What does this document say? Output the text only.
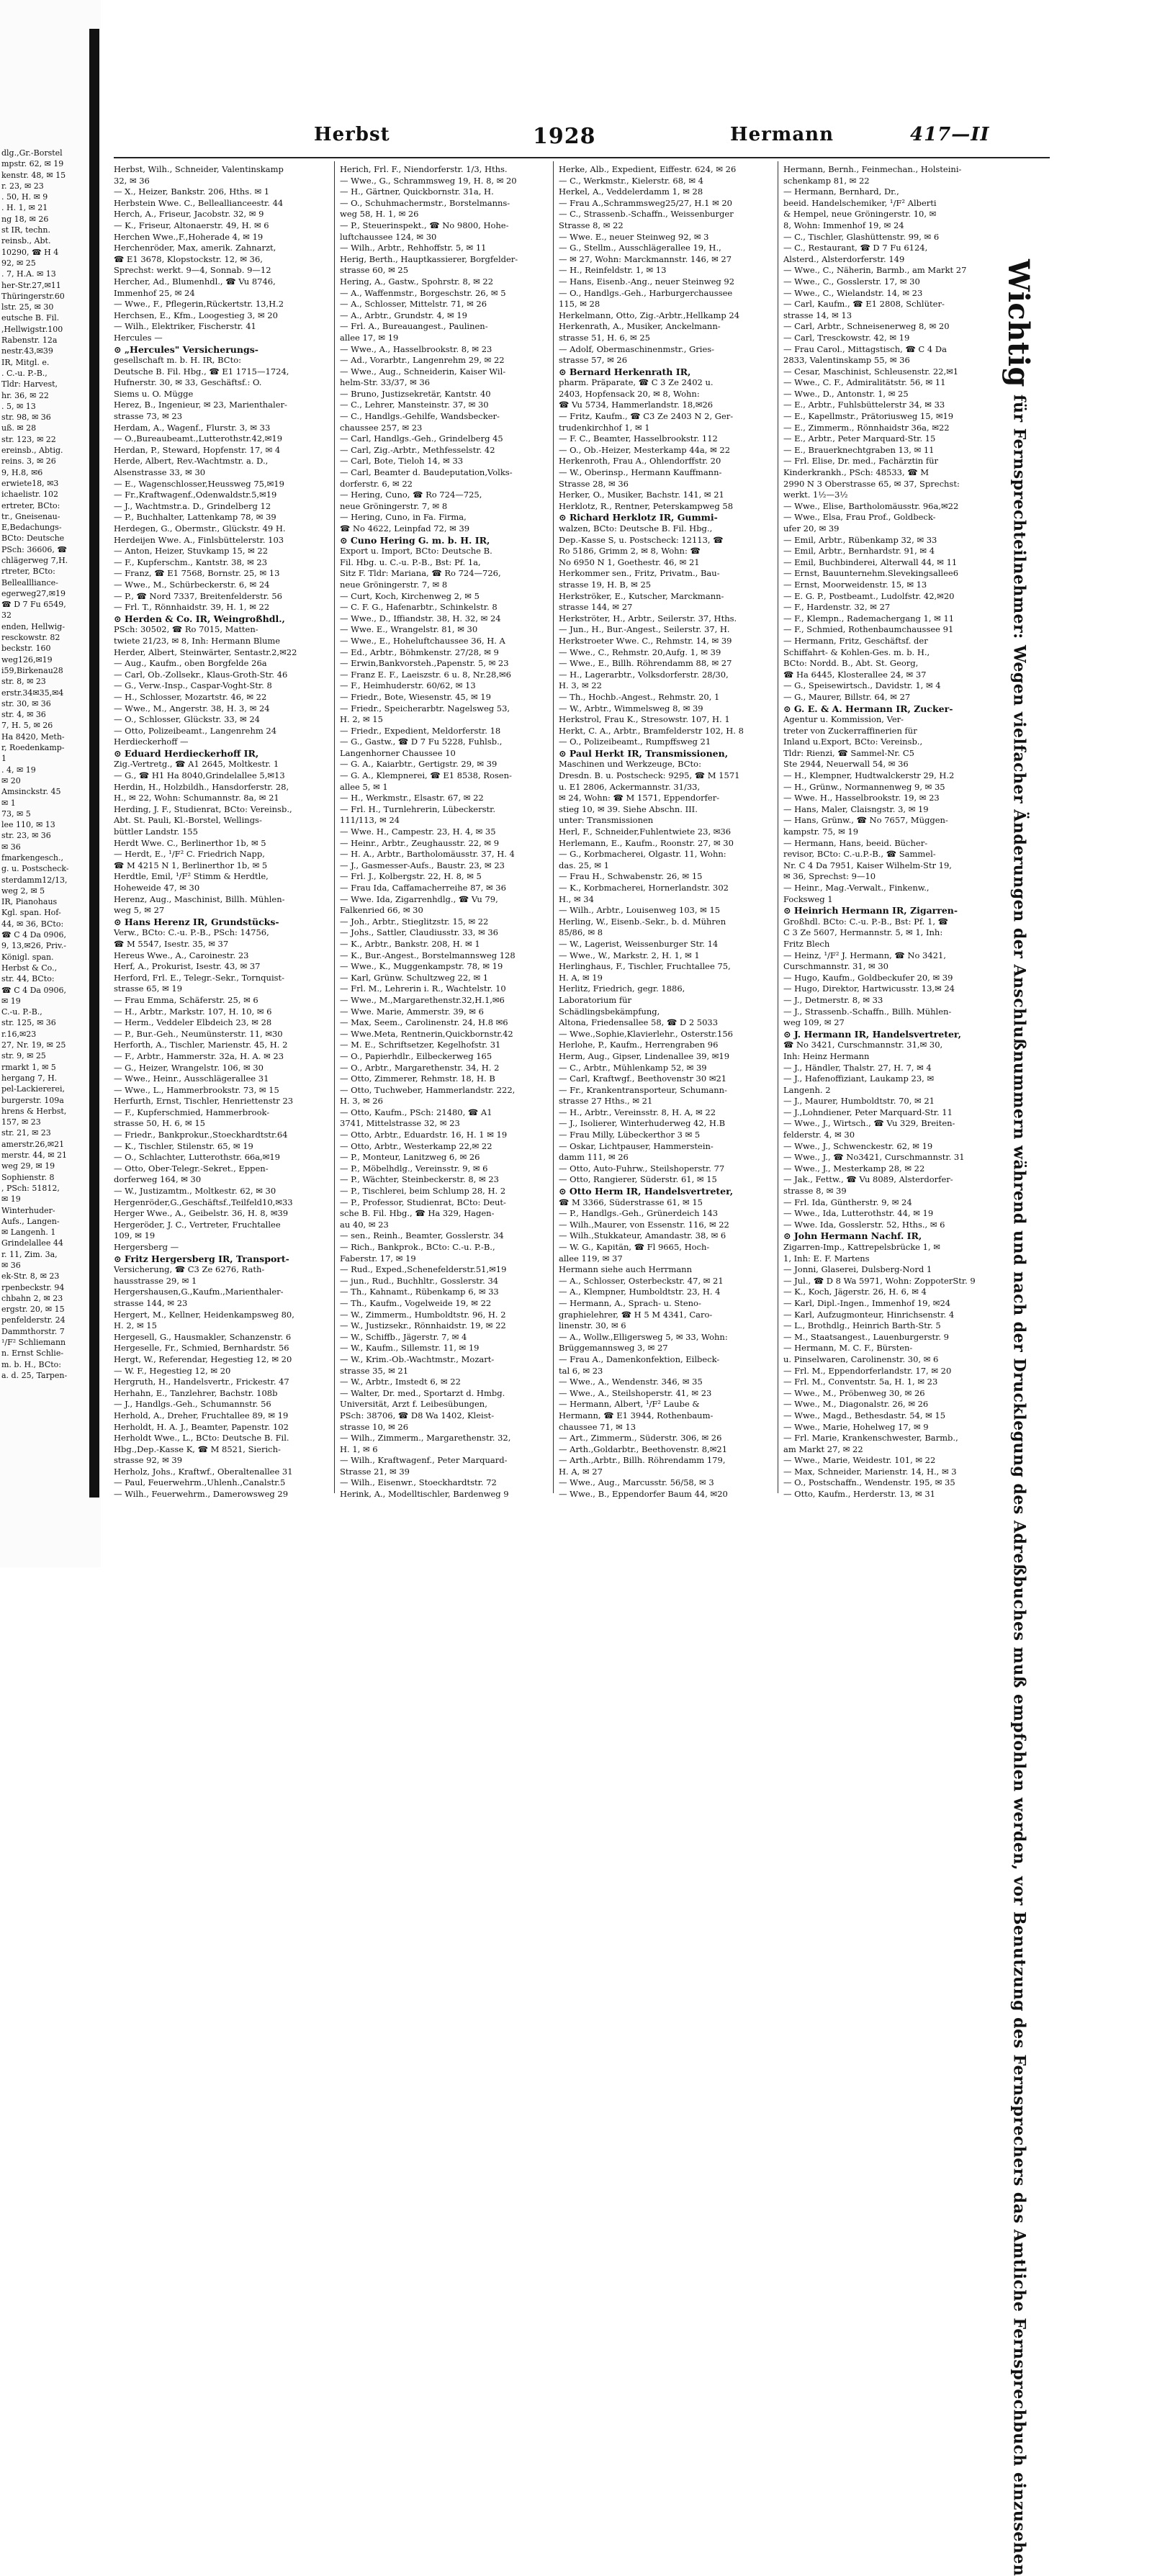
dlg.,Gr.-Borstel
mpstr. 62, ✉ 19
kenstr. 48, ✉ 15
r. 23, ✉ 23
. 50, H. ✉ 9
. H. 1, ✉ 21
ng 18, ✉ 26
st IR, techn.
reinsb., Abt.
10290, ☎ H 4
92, ✉ 25
. 7, H.A. ✉ 13
her-Str.27,✉11
Thüringerstr.60
lstr. 25, ✉ 30
eutsche B. Fil.
,Hellwigstr.100
Rabenstr. 12a
nestr.43,✉39
IR, Mitgl. e.
. C.-u. P.-B.,
Tldr: Harvest,
hr. 36, ✉ 22
. 5, ✉ 13
str. 98, ✉ 36
uß. ✉ 28
str. 123, ✉ 22
ereinsb., Abtig.
reins. 3, ✉ 26
9, H.8, ✉6
erwiete18, ✉3
ichaelistr. 102
ertreter, BCto:
tr., Gneisenau-
E,Bedachungs-
BCto: Deutsche
PSch: 36606, ☎
chlägerweg 7,H.
rtreter, BCto:
Belleallliance-
egerweg27,✉19
☎ D 7 Fu 6549,
32
enden, Hellwig-
resckowstr. 82
beckstr. 160
weg126,✉19
i59,Birkenau28
str. 8, ✉ 23
erstr.34✉35,✉4
str. 30, ✉ 36
str. 4, ✉ 36
7, H. 5, ✉ 26
Ha 8420, Meth-
r, Roedenkamp-
1
. 4, ✉ 19
✉ 20
Amsinckstr. 45
✉ 1
73, ✉ 5
lee 110, ✉ 13
str. 23, ✉ 36
✉ 36
fmarkengesch.,
g. u. Postscheck-
sterdamm12/13,
weg 2, ✉ 5
IR, Pianohaus
Kgl. span. Hof-
44, ✉ 36, BCto:
☎ C 4 Da 0906,
9, 13,✉26, Priv.-
Königl. span.
Herbst & Co.,
str. 44, BCto:
☎ C 4 Da 0906,
✉ 19
C.-u. P.-B.,
str. 125, ✉ 36
r.16,✉23
27, Nr. 19, ✉ 25
str. 9, ✉ 25
rmarkt 1, ✉ 5
hergang 7, H.
pel-Lackiererei,
burgerstr. 109a
hrens & Herbst,
157, ✉ 23
str. 21, ✉ 23
amerstr.26,✉21
merstr. 44, ✉ 21
weg 29, ✉ 19
Sophienstr. 8
, PSch: 51812,
✉ 19
Winterhuder-
Aufs., Langen-
✉ Langenh. 1
Grindelallee 44
r. 11, Zim. 3a,
✉ 36
ek-Str. 8, ✉ 23
rpenbeckstr. 94
chbahn 2, ✉ 23
ergstr. 20, ✉ 15
penfelderstr. 24
Dammthorstr. 7
¹/F² Schliemann
n. Ernst Schlie-
m. b. H., BCto:
a. d. 25, Tarpen-
Herbst	1928	Hermann	417—II
Herbst, Wilh., Schneider, Valentinskamp
32, ✉ 36
— X., Heizer, Bankstr. 206, Hths. ✉ 1
Herbstein Wwe. C., Belleallianceestr. 44
Herch, A., Friseur, Jacobstr. 32, ✉ 9
— K., Friseur, Altonaerstr. 49, H. ✉ 6
Herchen Wwe.,F.,Hoherade 4, ✉ 19
Herchenröder, Max, amerik. Zahnarzt,
☎ E1 3678, Klopstockstr. 12, ✉ 36,
Sprechst: werkt. 9—4, Sonnab. 9—12
Hercher, Ad., Blumenhdl., ☎ Vu 8746,
Immenhof 25, ✉ 24
— Wwe., F., Pflegerin,Rückertstr. 13,H.2
Herchsen, E., Kfm., Loogestieg 3, ✉ 20
— Wilh., Elektriker, Fischerstr. 41
Hercules —
⊙ „Hercules" Versicherungs-
gesellschaft m. b. H. IR, BCto:
Deutsche B. Fil. Hbg., ☎ E1 1715—1724,
Hufnerstr. 30, ✉ 33, Geschäftsf.: O.
Siems u. O. Mügge
Herez, B., Ingenieur, ✉ 23, Marienthaler-
strasse 73, ✉ 23
Herdam, A., Wagenf., Flurstr. 3, ✉ 33
— O.,Bureaubeamt.,Lutterothstr.42,✉19
Herdan, P., Steward, Hopfenstr. 17, ✉ 4
Herde, Albert, Rev.-Wachtmstr. a. D.,
Alsenstrasse 33, ✉ 30
— E., Wagenschlosser,Heussweg 75,✉19
— Fr.,Kraftwagenf.,Odenwaldstr.5,✉19
— J., Wachtmstr.a. D., Grindelberg 12
— P., Buchhalter, Lattenkamp 78, ✉ 39
Herdegen, G., Obermstr., Glückstr. 49 H.
Herdeijen Wwe. A., Finlsbüttelerstr. 103
— Anton, Heizer, Stuvkamp 15, ✉ 22
— F., Kupferschm., Kantstr. 38, ✉ 23
— Franz, ☎ E1 7568, Bornstr. 25, ✉ 13
— Wwe., M., Schürbeckerstr. 6, ✉ 24
— P., ☎ Nord 7337, Breitenfelderstr. 56
— Frl. T., Rönnhaidstr. 39, H. 1, ✉ 22
⊙ Herden & Co. IR, Weingroßhdl.,
PSch: 30502, ☎ Ro 7015, Matten-
twiete 21/23, ✉ 8, Inh: Hermann Blume
Herder, Albert, Steinwärter, Sentastr.2,✉22
— Aug., Kaufm., oben Borgfelde 26a
— Carl, Ob.-Zollsekr., Klaus-Groth-Str. 46
— G., Verw.-Insp., Caspar-Voght-Str. 8
— H., Schlosser, Mozartstr. 46, ✉ 22
— Wwe., M., Angerstr. 38, H. 3, ✉ 24
— O., Schlosser, Glückstr. 33, ✉ 24
— Otto, Polizeibeamt., Langenrehm 24
Herdieckerhoff —
⊙ Eduard Herdieckerhoff IR,
Zig.-Vertretg., ☎ A1 2645, Moltkestr. 1
— G., ☎ H1 Ha 8040,Grindelallee 5,✉13
Herdin, H., Holzbildh., Hansdorferstr. 28,
H., ✉ 22, Wohn: Schumannstr. 8a, ✉ 21
Herding, J. F., Studienrat, BCto: Vereinsb.,
Abt. St. Pauli, Kl.-Borstel, Wellings-
büttler Landstr. 155
Herdt Wwe. C., Berlinerthor 1b, ✉ 5
— Herdt, E., ¹/F² C. Friedrich Napp,
☎ M 4215 N 1, Berlinerthor 1b, ✉ 5
Herdtle, Emil, ¹/F² Stimm & Herdtle,
Hoheweide 47, ✉ 30
Herenz, Aug., Maschinist, Billh. Mühlen-
weg 5, ✉ 27
⊙ Hans Herenz IR, Grundstücks-
Verw., BCto: C.-u. P.-B., PSch: 14756,
☎ M 5547, Isestr. 35, ✉ 37
Hereus Wwe., A., Caroinestr. 23
Herf, A., Prokurist, Isestr. 43, ✉ 37
Herford, Frl. E., Telegr.-Sekr., Tornquist-
strasse 65, ✉ 19
— Frau Emma, Schäferstr. 25, ✉ 6
— H., Arbtr., Markstr. 107, H. 10, ✉ 6
— Herm., Veddeler Elbdeich 23, ✉ 28
— P., Bur.-Geh., Neumünsterstr. 11, ✉30
Herforth, A., Tischler, Marienstr. 45, H. 2
— F., Arbtr., Hammerstr. 32a, H. A. ✉ 23
— G., Heizer, Wrangelstr. 106, ✉ 30
— Wwe., Heinr., Ausschlägerallee 31
— Wwe., L., Hammerbrookstr. 73, ✉ 15
Herfurth, Ernst, Tischler, Henriettenstr 23
— F., Kupferschmied, Hammerbrook-
strasse 50, H. 6, ✉ 15
— Friedr., Bankprokur.,Stoeckhardtstr.64
— K., Tischler, Stilenstr. 65, ✉ 19
— O., Schlachter, Lutterothstr. 66a,✉19
— Otto, Ober-Telegr.-Sekret., Eppen-
dorferweg 164, ✉ 30
— W., Justizamtm., Moltkestr. 62, ✉ 30
Hergenröder,G.,Geschäftsf.,Teilfeld10,✉33
Herger Wwe., A., Geibelstr. 36, H. 8, ✉39
Hergeröder, J. C., Vertreter, Fruchtallee
109, ✉ 19
Hergersberg —
⊙ Fritz Hergersberg IR, Transport-
Versicherung, ☎ C3 Ze 6276, Rath-
hausstrasse 29, ✉ 1
Hergershausen,G.,Kaufm.,Marienthaler-
strasse 144, ✉ 23
Hergert, M., Kellner, Heidenkampsweg 80,
H. 2, ✉ 15
Hergesell, G., Hausmakler, Schanzenstr. 6
Hergeselle, Fr., Schmied, Bernhardstr. 56
Hergt, W., Referendar, Hegestieg 12, ✉ 20
— W. F., Hegestieg 12, ✉ 20
Hergruth, H., Handelsvertr., Frickestr. 47
Herhahn, E., Tanzlehrer, Bachstr. 108b
— J., Handlgs.-Geh., Schumannstr. 56
Herhold, A., Dreher, Fruchtallee 89, ✉ 19
Herholdt, H. A. J., Beamter, Papenstr. 102
Herholdt Wwe., L., BCto: Deutsche B. Fil.
Hbg.,Dep.-Kasse K, ☎ M 8521, Sierich-
strasse 92, ✉ 39
Herholz, Johs., Kraftwf., Oberaltenallee 31
— Paul, Feuerwehrm.,Uhlenh.,Canalstr.5
— Wilh., Feuerwehrm., Damerowsweg 29
Herich, Frl. F., Niendorferstr. 1/3, Hths.
— Wwe., G., Schrammsweg 19, H. 8, ✉ 20
— H., Gärtner, Quickbornstr. 31a, H.
— O., Schuhmachermstr., Borstelmanns-
weg 58, H. 1, ✉ 26
— P., Steuerinspekt., ☎ No 9800, Hohe-
luftchaussee 124, ✉ 30
— Wilh., Arbtr., Rehhoffstr. 5, ✉ 11
Herig, Berth., Hauptkassierer, Borgfelder-
strasse 60, ✉ 25
Hering, A., Gastw., Spohrstr. 8, ✉ 22
— A., Waffenmstr., Borgeschstr. 26, ✉ 5
— A., Schlosser, Mittelstr. 71, ✉ 26
— A., Arbtr., Grundstr. 4, ✉ 19
— Frl. A., Bureauangest., Paulinen-
allee 17, ✉ 19
— Wwe., A., Hasselbrookstr. 8, ✉ 23
— Ad., Vorarbtr., Langenrehm 29, ✉ 22
— Wwe., Aug., Schneiderin, Kaiser Wil-
helm-Str. 33/37, ✉ 36
— Bruno, Justizsekretär, Kantstr. 40
— C., Lehrer, Mansteinstr. 37, ✉ 30
— C., Handlgs.-Gehilfe, Wandsbecker-
chaussee 257, ✉ 23
— Carl, Handlgs.-Geh., Grindelberg 45
— Carl, Zig.-Arbtr., Methfesselstr. 42
— Carl, Bote, Tieloh 14, ✉ 33
— Carl, Beamter d. Baudeputation,Volks-
dorferstr. 6, ✉ 22
— Hering, Cuno, ☎ Ro 724—725,
neue Gröningerstr. 7, ✉ 8
— Hering, Cuno, in Fa. Firma,
☎ No 4622, Leinpfad 72, ✉ 39
⊙ Cuno Hering G. m. b. H. IR,
Export u. Import, BCto: Deutsche B.
Fil. Hbg. u. C.-u. P.-B., Bst: Pf. 1a,
Sitz F. Tldr: Mariana, ☎ Ro 724—726,
neue Gröningerstr. 7, ✉ 8
— Curt, Koch, Kirchenweg 2, ✉ 5
— C. F. G., Hafenarbtr., Schinkelstr. 8
— Wwe., D., Iffiandstr. 38, H. 32, ✉ 24
— Wwe. E., Wrangelstr. 81, ✉ 30
— Wwe., E., Hoheluftchaussee 36, H. A
— Ed., Arbtr., Böhmkenstr. 27/28, ✉ 9
— Erwin,Bankvorsteh.,Papenstr. 5, ✉ 23
— Franz E. F., Laeiszstr. 6 u. 8, Nr.28,✉6
— F., Heimhuderstr. 60/62, ✉ 13
— Friedr., Bote, Wiesenstr. 45, ✉ 19
— Friedr., Speicherarbtr. Nagelsweg 53,
H. 2, ✉ 15
— Friedr., Expedient, Meldorferstr. 18
— G., Gastw., ☎ D 7 Fu 5228, Fuhlsb.,
Langenhorner Chaussee 10
— G. A., Kaiarbtr., Gertigstr. 29, ✉ 39
— G. A., Klempnerei, ☎ E1 8538, Rosen-
allee 5, ✉ 1
— H., Werkmstr., Elsastr. 67, ✉ 22
— Frl. H., Turnlehrerin, Lübeckerstr.
111/113, ✉ 24
— Wwe. H., Campestr. 23, H. 4, ✉ 35
— Heinr., Arbtr., Zeughausstr. 22, ✉ 9
— H. A., Arbtr., Bartholomäusstr. 37, H. 4
— J., Gasmesser-Aufs., Baustr. 23, ✉ 23
— Frl. J., Kolbergstr. 22, H. 8, ✉ 5
— Frau Ida, Caffamacherreihe 87, ✉ 36
— Wwe. Ida, Zigarrenhdlg., ☎ Vu 79,
Falkenried 66, ✉ 30
— Joh., Arbtr., Stieglitzstr. 15, ✉ 22
— Johs., Sattler, Claudiusstr. 33, ✉ 36
— K., Arbtr., Bankstr. 208, H. ✉ 1
— K., Bur.-Angest., Borstelmannsweg 128
— Wwe., K., Muggenkampstr. 78, ✉ 19
— Karl, Grünw. Schultzweg 22, ✉ 1
— Frl. M., Lehrerin i. R., Wachtelstr. 10
— Wwe., M.,Margarethenstr.32,H.1,✉6
— Wwe. Marie, Ammerstr. 39, ✉ 6
— Max, Seem., Carolinenstr. 24, H.8 ✉6
— Wwe.Meta, Rentnerin,Quickbornstr.42
— M. E., Schriftsetzer, Kegelhofstr. 31
— O., Papierhdlr., Eilbeckerweg 165
— O., Arbtr., Margarethenstr. 34, H. 2
— Otto, Zimmerer, Rehmstr. 18, H. B
— Otto, Tuchweber, Hammerlandstr. 222,
H. 3, ✉ 26
— Otto, Kaufm., PSch: 21480, ☎ A1
3741, Mittelstrasse 32, ✉ 23
— Otto, Arbtr., Eduardstr. 16, H. 1 ✉ 19
— Otto, Arbtr., Westerkamp 22,✉ 22
— P., Monteur, Lanitzweg 6, ✉ 26
— P., Möbelhdlg., Vereinsstr. 9, ✉ 6
— P., Wächter, Steinbeckerstr. 8, ✉ 23
— P., Tischlerei, beim Schlump 28, H. 2
— P., Professor, Studienrat, BCto: Deut-
sche B. Fil. Hbg., ☎ Ha 329, Hagen-
au 40, ✉ 23
— sen., Reinh., Beamter, Gosslerstr. 34
— Rich., Bankprok., BCto: C.-u. P.-B.,
Faberstr. 17, ✉ 19
— Rud., Exped.,Schenefelderstr.51,✉19
— jun., Rud., Buchhltr., Gosslerstr. 34
— Th., Kahnamt., Rübenkamp 6, ✉ 33
— Th., Kaufm., Vogelweide 19, ✉ 22
— W., Zimmerm., Humboldtstr. 96, H. 2
— W., Justizsekr., Rönnhaidstr. 19, ✉ 22
— W., Schiffb., Jägerstr. 7, ✉ 4
— W., Kaufm., Sillemstr. 11, ✉ 19
— W., Krim.-Ob.-Wachtmstr., Mozart-
strasse 35, ✉ 21
— W., Arbtr., Imstedt 6, ✉ 22
— Walter, Dr. med., Sportarzt d. Hmbg.
Universität, Arzt f. Leibesübungen,
PSch: 38706, ☎ D8 Wa 1402, Kleist-
strasse 10, ✉ 26
— Wilh., Zimmerm., Margarethenstr. 32,
H. 1, ✉ 6
— Wilh., Kraftwagenf., Peter Marquard-
Strasse 21, ✉ 39
— Wilh., Eisenwr., Stoeckhardtstr. 72
Herink, A., Modelltischler, Bardenweg 9
Herke, Alb., Expedient, Eiffestr. 624, ✉ 26
— C., Werkmstr., Kielerstr. 68, ✉ 4
Herkel, A., Veddelerdamm 1, ✉ 28
— Frau A.,Schrammsweg25/27, H.1 ✉ 20
— C., Strassenb.-Schaffn., Weissenburger
Strasse 8, ✉ 22
— Wwe. E., neuer Steinweg 92, ✉ 3
— G., Stellm., Ausschlägerallee 19, H.,
— ✉ 27, Wohn: Marckmannstr. 146, ✉ 27
— H., Reinfeldstr. 1, ✉ 13
— Hans, Eisenb.-Ang., neuer Steinweg 92
— O., Handlgs.-Geh., Harburgerchaussee
115, ✉ 28
Herkelmann, Otto, Zig.-Arbtr.,Hellkamp 24
Herkenrath, A., Musiker, Anckelmann-
strasse 51, H. 6, ✉ 25
— Adolf, Obermaschinenmstr., Gries-
strasse 57, ✉ 26
⊙ Bernard Herkenrath IR,
pharm. Präparate, ☎ C 3 Ze 2402 u.
2403, Hopfensack 20, ✉ 8, Wohn:
☎ Vu 5734, Hammerlandstr. 18,✉26
— Fritz, Kaufm., ☎ C3 Ze 2403 N 2, Ger-
trudenkirchhof 1, ✉ 1
— F. C., Beamter, Hasselbrookstr. 112
— O., Ob.-Heizer, Mesterkamp 44a, ✉ 22
Herkenroth, Frau A., Ohlendorffstr. 20
— W., Oberinsp., Hermann Kauffmann-
Strasse 28, ✉ 36
Herker, O., Musiker, Bachstr. 141, ✉ 21
Herklotz, R., Rentner, Peterskampweg 58
⊙ Richard Herklotz IR, Gummi-
walzen, BCto: Deutsche B. Fil. Hbg.,
Dep.-Kasse S, u. Postscheck: 12113, ☎
Ro 5186, Grimm 2, ✉ 8, Wohn: ☎
No 6950 N 1, Goethestr. 46, ✉ 21
Herkommer sen., Fritz, Privatm., Bau-
strasse 19, H. B, ✉ 25
Herkströker, E., Kutscher, Marckmann-
strasse 144, ✉ 27
Herkströter, H., Arbtr., Seilerstr. 37, Hths.
— Jun., H., Bur.-Angest., Seilerstr. 37, H.
Herkstroeter Wwe. C., Rehmstr. 14, ✉ 39
— Wwe., C., Rehmstr. 20,Aufg. 1, ✉ 39
— Wwe., E., Billh. Röhrendamm 88, ✉ 27
— H., Lagerarbtr., Volksdorferstr. 28/30,
H. 3, ✉ 22
— Th., Hochb.-Angest., Rehmstr. 20, 1
— W., Arbtr., Wimmelsweg 8, ✉ 39
Herkstrol, Frau K., Stresowstr. 107, H. 1
Herkt, C. A., Arbtr., Bramfelderstr 102, H. 8
— O., Polizeibeamt., Rumpffsweg 21
⊙ Paul Herkt IR, Transmissionen,
Maschinen und Werkzeuge, BCto:
Dresdn. B. u. Postscheck: 9295, ☎ M 1571
u. E1 2806, Ackermannstr. 31/33,
✉ 24, Wohn: ☎ M 1571, Eppendorfer-
stieg 10, ✉ 39. Siehe Abschn. III.
unter: Transmissionen
Herl, F., Schneider,Fuhlentwiete 23, ✉36
Herlemann, E., Kaufm., Roonstr. 27, ✉ 30
— G., Korbmacherei, Olgastr. 11, Wohn:
das. 25, ✉ 1
— Frau H., Schwabenstr. 26, ✉ 15
— K., Korbmacherei, Hornerlandstr. 302
H., ✉ 34
— Wilh., Arbtr., Louisenweg 103, ✉ 15
Herling, W., Eisenb.-Sekr., b. d. Mühren
85/86, ✉ 8
— W., Lagerist, Weissenburger Str. 14
— Wwe., W., Markstr. 2, H. 1, ✉ 1
Herlinghaus, F., Tischler, Fruchtallee 75,
H. A, ✉ 19
Herlitz, Friedrich, gegr. 1886,
Laboratorium für
Schädlingsbekämpfung,
Altona, Friedensallee 58, ☎ D 2 5033
— Wwe.,Sophie,Klavierlehr., Osterstr.156
Herlohe, P., Kaufm., Herrengraben 96
Herm, Aug., Gipser, Lindenallee 39, ✉19
— C., Arbtr., Mühlenkamp 52, ✉ 39
— Carl, Kraftwgf., Beethovenstr 30 ✉21
— Fr., Krankentransporteur, Schumann-
strasse 27 Hths., ✉ 21
— H., Arbtr., Vereinsstr. 8, H. A, ✉ 22
— J., Isolierer, Winterhuderweg 42, H.B
— Frau Milly, Lübeckerthor 3 ✉ 5
— Oskar, Lichtpauser, Hammerstein-
damm 111, ✉ 26
— Otto, Auto-Fuhrw., Steilshoperstr. 77
— Otto, Rangierer, Süderstr. 61, ✉ 15
⊙ Otto Herm IR, Handelsvertreter,
☎ M 3366, Süderstrasse 61, ✉ 15
— P., Handlgs.-Geh., Grünerdeich 143
— Wilh.,Maurer, von Essenstr. 116, ✉ 22
— Wilh.,Stukkateur, Amandastr. 38, ✉ 6
— W. G., Kapitän, ☎ Fl 9665, Hoch-
allee 119, ✉ 37
Hermann siehe auch Herrmann
— A., Schlosser, Osterbeckstr. 47, ✉ 21
— A., Klempner, Humboldtstr. 23, H. 4
— Hermann, A., Sprach- u. Steno-
graphielehrer, ☎ H 5 M 4341, Caro-
linenstr. 30, ✉ 6
— A., Wollw.,Elligersweg 5, ✉ 33, Wohn:
Brüggemannsweg 3, ✉ 27
— Frau A., Damenkonfektion, Eilbeck-
tal 6, ✉ 23
— Wwe., A., Wendenstr. 346, ✉ 35
— Wwe., A., Steilshoperstr. 41, ✉ 23
— Hermann, Albert, ¹/F² Laube &
Hermann, ☎ E1 3944, Rothenbaum-
chaussee 71, ✉ 13
— Art., Zimmerm., Süderstr. 306, ✉ 26
— Arth.,Goldarbtr., Beethovenstr. 8,✉21
— Arth.,Arbtr., Billh. Röhrendamm 179,
H. A, ✉ 27
— Wwe., Aug., Marcusstr. 56/58, ✉ 3
— Wwe., B., Eppendorfer Baum 44, ✉20
Hermann, Bernh., Feinmechan., Holsteini-
schenkamp 81, ✉ 22
— Hermann, Bernhard, Dr.,
beeid. Handelschemiker, ¹/F² Alberti
& Hempel, neue Gröningerstr. 10, ✉
8, Wohn: Immenhof 19, ✉ 24
— C., Tischler, Glashüttenstr. 99, ✉ 6
— C., Restaurant, ☎ D 7 Fu 6124,
Alsterd., Alsterdorferstr. 149
— Wwe., C., Näherin, Barmb., am Markt 27
— Wwe., C., Gosslerstr. 17, ✉ 30
— Wwe., C., Wielandstr. 14, ✉ 23
— Carl, Kaufm., ☎ E1 2808, Schlüter-
strasse 14, ✉ 13
— Carl, Arbtr., Schneisenerweg 8, ✉ 20
— Carl, Tresckowstr. 42, ✉ 19
— Frau Carol., Mittagstisch, ☎ C 4 Da
2833, Valentinskamp 55, ✉ 36
— Cesar, Maschinist, Schleusenstr. 22,✉1
— Wwe., C. F., Admiralitätstr. 56, ✉ 11
— Wwe., D., Antonstr. 1, ✉ 25
— E., Arbtr., Fuhlsbüttelerstr 34, ✉ 33
— E., Kapellmstr., Prätoriusweg 15, ✉19
— E., Zimmerm., Rönnhaidstr 36a, ✉22
— E., Arbtr., Peter Marquard-Str. 15
— E., Brauerknechtgraben 13, ✉ 11
— Frl. Elise, Dr. med., Fachärztin für
Kinderkrankh., PSch: 48533, ☎ M
2990 N 3 Oberstrasse 65, ✉ 37, Sprechst:
werkt. 1½—3½
— Wwe., Elise, Bartholomäusstr. 96a,✉22
— Wwe., Elsa, Frau Prof., Goldbeck-
ufer 20, ✉ 39
— Emil, Arbtr., Rübenkamp 32, ✉ 33
— Emil, Arbtr., Bernhardstr. 91, ✉ 4
— Emil, Buchbinderei, Alterwall 44, ✉ 11
— Ernst, Bauunternehm.Slevekingsallee6
— Ernst, Moorweidenstr. 15, ✉ 13
— E. G. P., Postbeamt., Ludolfstr. 42,✉20
— F., Hardenstr. 32, ✉ 27
— F., Klempn., Rademachergang 1, ✉ 11
— F., Schmied, Rothenbaumchaussee 91
— Hermann, Fritz, Geschäftsf. der
Schiffahrt- & Kohlen-Ges. m. b. H.,
BCto: Nordd. B., Abt. St. Georg,
☎ Ha 6445, Klosterallee 24, ✉ 37
— G., Speisewirtsch., Davidstr. 1, ✉ 4
— G., Maurer, Billstr. 64, ✉ 27
⊙ G. E. & A. Hermann IR, Zucker-
Agentur u. Kommission, Ver-
treter von Zuckerraffinerien für
Inland u.Export, BCto: Vereinsb.,
Tldr: Rienzi, ☎ Sammel-Nr. C5
Ste 2944, Neuerwall 54, ✉ 36
— H., Klempner, Hudtwalckerstr 29, H.2
— H., Grünw., Normannenweg 9, ✉ 35
— Wwe. H., Hasselbrookstr. 19, ✉ 23
— Hans, Maler, Claisngstr. 3, ✉ 19
— Hans, Grünw., ☎ No 7657, Müggen-
kampstr. 75, ✉ 19
— Hermann, Hans, beeid. Bücher-
revisor, BCto: C.-u.P.-B., ☎ Sammel-
Nr. C 4 Da 7951, Kaiser Wilhelm-Str 19,
✉ 36, Sprechst: 9—10
— Heinr., Mag.-Verwalt., Finkenw.,
Focksweg 1
⊙ Heinrich Hermann IR, Zigarren-
Großhdl. BCto: C.-u. P.-B., Bst: Pf. 1, ☎
C 3 Ze 5607, Hermannstr. 5, ✉ 1, Inh:
Fritz Blech
— Heinz, ¹/F² J. Hermann, ☎ No 3421,
Curschmannstr. 31, ✉ 30
— Hugo, Kaufm., Goldbeckufer 20, ✉ 39
— Hugo, Direktor, Hartwicusstr. 13,✉ 24
— J., Detmerstr. 8, ✉ 33
— J., Strassenb.-Schaffn., Billh. Mühlen-
weg 109, ✉ 27
⊙ J. Hermann IR, Handelsvertreter,
☎ No 3421, Curschmannstr. 31,✉ 30,
Inh: Heinz Hermann
— J., Händler, Thalstr. 27, H. 7, ✉ 4
— J., Hafenoffiziant, Laukamp 23, ✉
Langenh. 2
— J., Maurer, Humboldtstr. 70, ✉ 21
— J.,Lohndiener, Peter Marquard-Str. 11
— Wwe., J., Wirtsch., ☎ Vu 329, Breiten-
felderstr. 4, ✉ 30
— Wwe., J., Schwenckestr. 62, ✉ 19
— Wwe., J., ☎ No3421, Curschmannstr. 31
— Wwe., J., Mesterkamp 28, ✉ 22
— Jak., Fettw., ☎ Vu 8089, Alsterdorfer-
strasse 8, ✉ 39
— Frl. Ida, Güntherstr. 9, ✉ 24
— Wwe., Ida, Lutterothstr. 44, ✉ 19
— Wwe. Ida, Gosslerstr. 52, Hths., ✉ 6
⊙ John Hermann Nachf. IR,
Zigarren-Imp., Kattrepelsbrücke 1, ✉
1, Inh: E. F. Martens
— Jonni, Glaserei, Dulsberg-Nord 1
— Jul., ☎ D 8 Wa 5971, Wohn: ZoppoterStr. 9
— K., Koch, Jägerstr. 26, H. 6, ✉ 4
— Karl, Dipl.-Ingen., Immenhof 19, ✉24
— Karl, Aufzugmonteur, Hinrichsenstr. 4
— L., Brothdlg., Heinrich Barth-Str. 5
— M., Staatsangest., Lauenburgerstr. 9
— Hermann, M. C. F., Bürsten-
u. Pinselwaren, Carolinenstr. 30, ✉ 6
— Frl. M., Eppendorferlandstr. 17, ✉ 20
— Frl. M., Conventstr. 5a, H. 1, ✉ 23
— Wwe., M., Pröbenweg 30, ✉ 26
— Wwe., M., Diagonalstr. 26, ✉ 26
— Wwe., Magd., Bethesdastr. 54, ✉ 15
— Wwe., Marie, Hohelweg 17, ✉ 9
— Frl. Marie, Krankenschwester, Barmb.,
am Markt 27, ✉ 22
— Wwe., Marie, Weidestr. 101, ✉ 22
— Max, Schneider, Marienstr. 14, H., ✉ 3
— O., Postschaffn., Wendenstr. 195, ✉ 35
— Otto, Kaufm., Herderstr. 13, ✉ 31
Wichtigfür Fernsprechteilnehmer: Wegen vielfacher Änderungen der Anschlußnummern während und nach der Drucklegung des Adreßbuches muß empfohlen werden, vor Benutzung des Fernsprechers das Amtliche Fernsprechbuch einzusehen
